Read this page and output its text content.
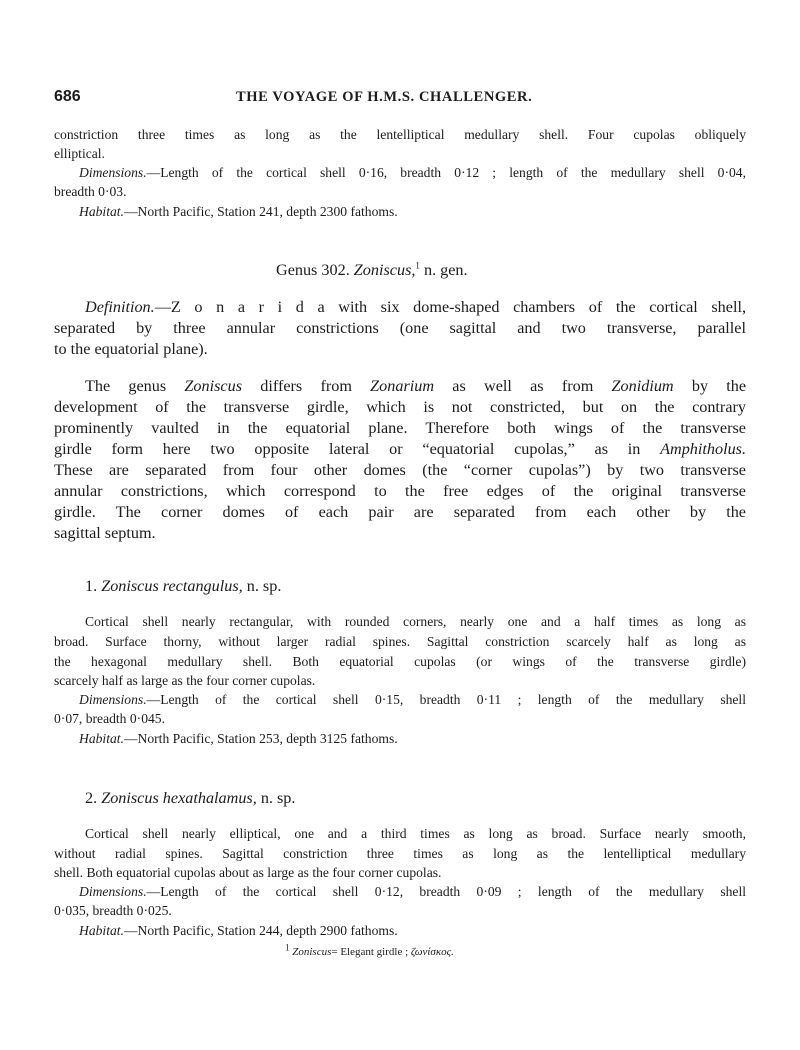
686	THE VOYAGE OF H.M.S. CHALLENGER.
constriction three times as long as the lentelliptical medullary shell. Four cupolas obliquely
elliptical.
Dimensions.—Length of the cortical shell 0·16, breadth 0·12 ; length of the medullary shell 0·04,
breadth 0·03.
Habitat.—North Pacific, Station 241, depth 2300 fathoms.
Genus 302. Zoniscus,$^1$ n. gen.
Definition.—Z o n a r i d a with six dome-shaped chambers of the cortical shell,
separated by three annular constrictions (one sagittal and two transverse, parallel
to the equatorial plane).
The genus Zoniscus differs from Zonarium as well as from Zonidium by the
development of the transverse girdle, which is not constricted, but on the contrary
prominently vaulted in the equatorial plane. Therefore both wings of the transverse
girdle form here two opposite lateral or “equatorial cupolas,” as in Amphitholus.
These are separated from four other domes (the “corner cupolas”) by two transverse
annular constrictions, which correspond to the free edges of the original transverse
girdle. The corner domes of each pair are separated from each other by the
sagittal septum.
1. Zoniscus rectangulus, n. sp.
Cortical shell nearly rectangular, with rounded corners, nearly one and a half times as long as
broad. Surface thorny, without larger radial spines. Sagittal constriction scarcely half as long as
the hexagonal medullary shell. Both equatorial cupolas (or wings of the transverse girdle)
scarcely half as large as the four corner cupolas.
Dimensions.—Length of the cortical shell 0·15, breadth 0·11 ; length of the medullary shell
0·07, breadth 0·045.
Habitat.—North Pacific, Station 253, depth 3125 fathoms.
2. Zoniscus hexathalamus, n. sp.
Cortical shell nearly elliptical, one and a third times as long as broad. Surface nearly smooth,
without radial spines. Sagittal constriction three times as long as the lentelliptical medullary
shell. Both equatorial cupolas about as large as the four corner cupolas.
Dimensions.—Length of the cortical shell 0·12, breadth 0·09 ; length of the medullary shell
0·035, breadth 0·025.
Habitat.—North Pacific, Station 244, depth 2900 fathoms.
$^1$ Zoniscus= Elegant girdle ; ζωνίσκος.
